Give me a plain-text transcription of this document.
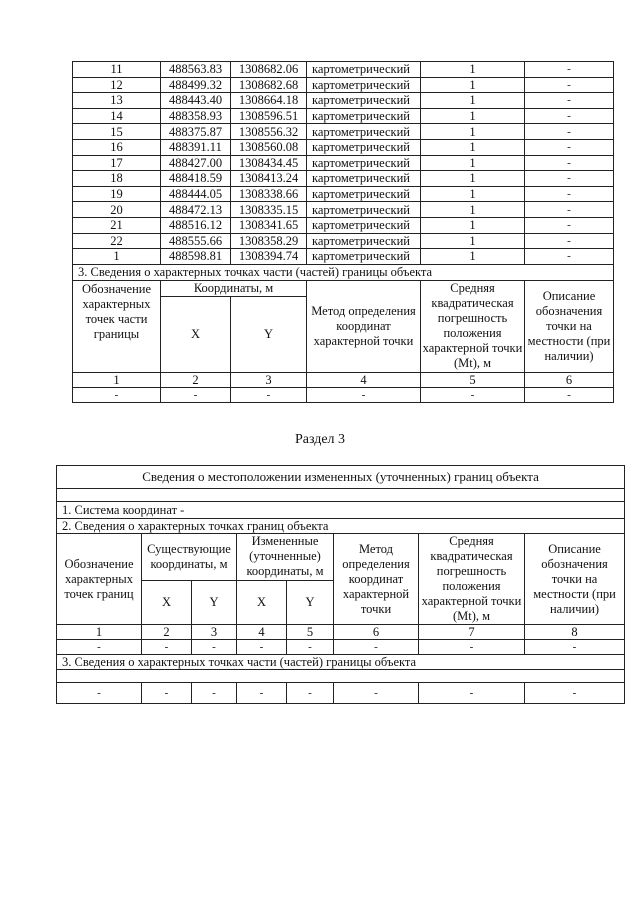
11	488563.83	1308682.06	картометрический	1	-
12	488499.32	1308682.68	картометрический	1	-
13	488443.40	1308664.18	картометрический	1	-
14	488358.93	1308596.51	картометрический	1	-
15	488375.87	1308556.32	картометрический	1	-
16	488391.11	1308560.08	картометрический	1	-
17	488427.00	1308434.45	картометрический	1	-
18	488418.59	1308413.24	картометрический	1	-
19	488444.05	1308338.66	картометрический	1	-
20	488472.13	1308335.15	картометрический	1	-
21	488516.12	1308341.65	картометрический	1	-
22	488555.66	1308358.29	картометрический	1	-
1	488598.81	1308394.74	картометрический	1	-
3. Сведения о характерных точках части (частей) границы объекта					
Обозначение характерных точек части границы	Координаты, м		Метод определения координат характерной точки	Средняя квадратическая погрешность положения характерной точки (Mt), м	Описание обозначения точки на местности (при наличии)
	X	Y			
1	2	3	4	5	6
-	-	-	-	-	-
Раздел 3
Сведения о местоположении измененных (уточненных) границ объекта							

1. Система координат -							
2. Сведения о характерных точках границ объекта							
Обозначение характерных точек границ	Существующие координаты, м		Измененные (уточненные) координаты, м		Метод определения координат характерной точки	Средняя квадратическая погрешность положения характерной точки (Mt), м	Описание обозначения точки на местности (при наличии)
	X	Y	X	Y			
1	2	3	4	5	6	7	8
-	-	-	-	-	-	-	-
3. Сведения о характерных точках части (частей) границы объекта							

-	-	-	-	-	-	-	-
